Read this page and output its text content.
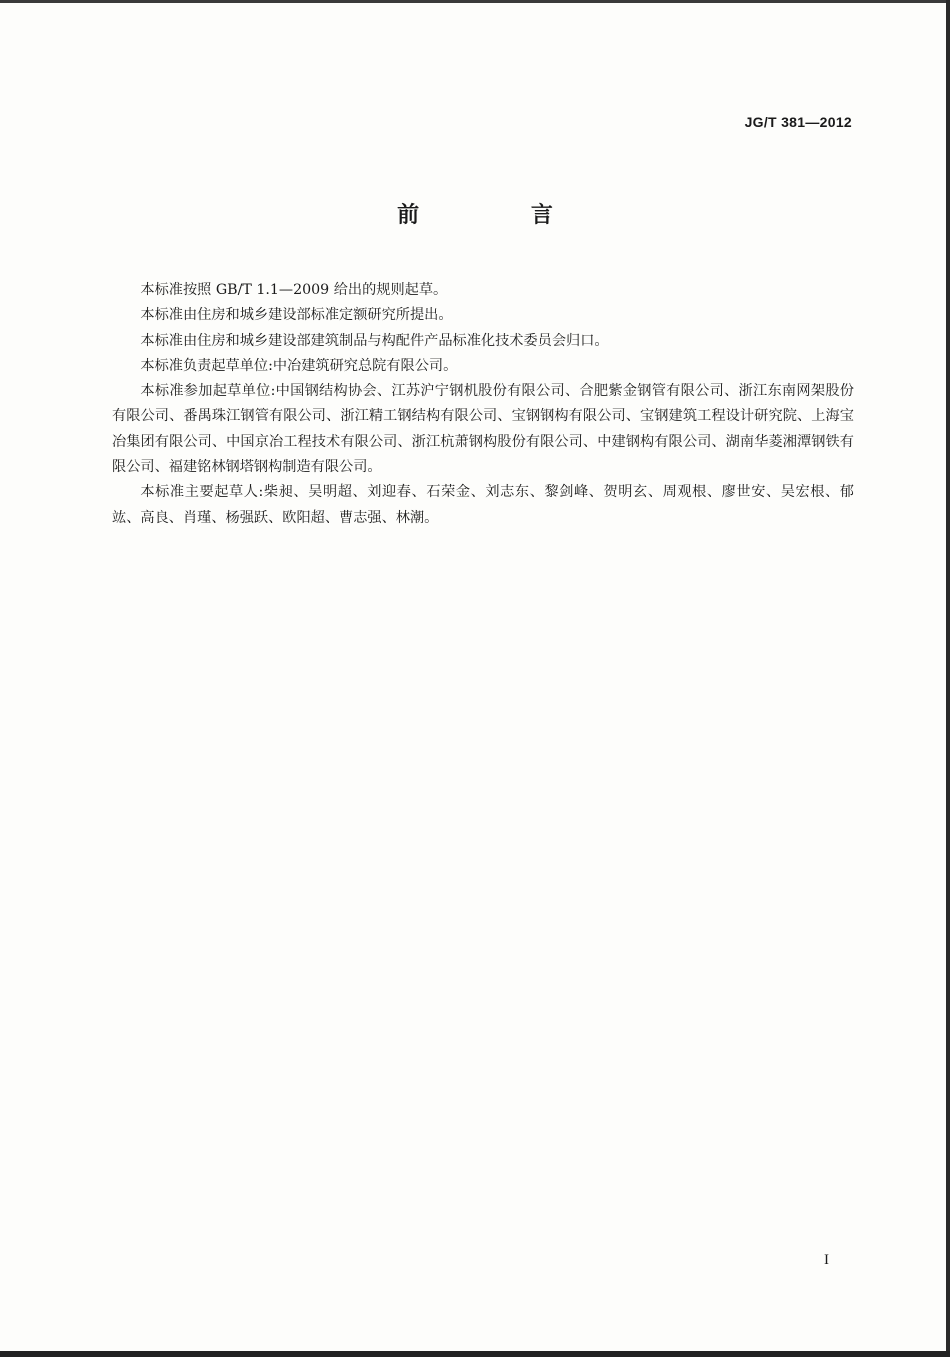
JG/T 381—2012
前 言

本标准按照 GB/T 1.1—2009 给出的规则起草。

本标准由住房和城乡建设部标准定额研究所提出。

本标准由住房和城乡建设部建筑制品与构配件产品标准化技术委员会归口。

本标准负责起草单位:中冶建筑研究总院有限公司。

本标准参加起草单位:中国钢结构协会、江苏沪宁钢机股份有限公司、合肥紫金钢管有限公司、浙江东南网架股份有限公司、番禺珠江钢管有限公司、浙江精工钢结构有限公司、宝钢钢构有限公司、宝钢建筑工程设计研究院、上海宝冶集团有限公司、中国京冶工程技术有限公司、浙江杭萧钢构股份有限公司、中建钢构有限公司、湖南华菱湘潭钢铁有限公司、福建铭林钢塔钢构制造有限公司。

本标准主要起草人:柴昶、吴明超、刘迎春、石荣金、刘志东、黎剑峰、贺明玄、周观根、廖世安、吴宏根、郁竑、高良、肖瑾、杨强跃、欧阳超、曹志强、林潮。

I
